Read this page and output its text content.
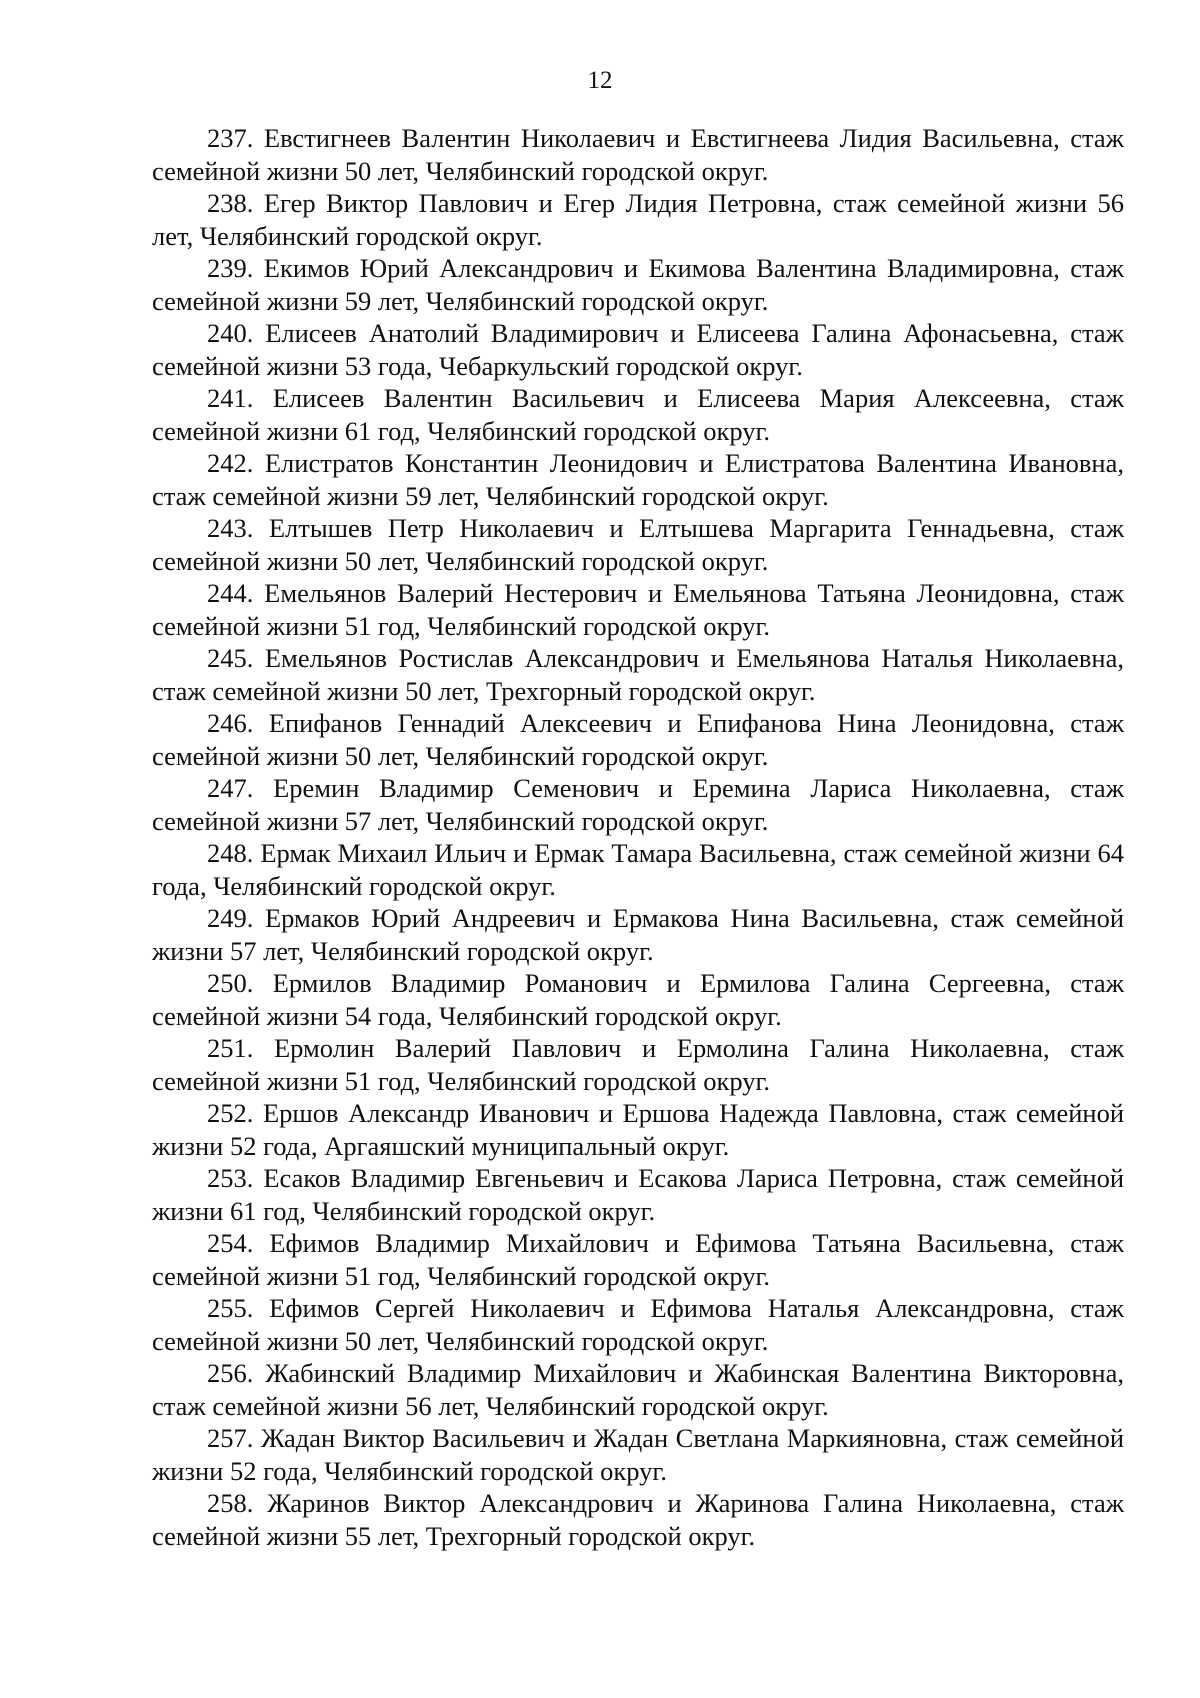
12

237. Евстигнеев Валентин Николаевич и Евстигнеева Лидия Васильевна, стаж семейной жизни 50 лет, Челябинский городской округ.

238. Егер Виктор Павлович и Егер Лидия Петровна, стаж семейной жизни 56 лет, Челябинский городской округ.

239. Екимов Юрий Александрович и Екимова Валентина Владимировна, стаж семейной жизни 59 лет, Челябинский городской округ.

240. Елисеев Анатолий Владимирович и Елисеева Галина Афонасьевна, стаж семейной жизни 53 года, Чебаркульский городской округ.

241. Елисеев Валентин Васильевич и Елисеева Мария Алексеевна, стаж семейной жизни 61 год, Челябинский городской округ.

242. Елистратов Константин Леонидович и Елистратова Валентина Ивановна, стаж семейной жизни 59 лет, Челябинский городской округ.

243. Елтышев Петр Николаевич и Елтышева Маргарита Геннадьевна, стаж семейной жизни 50 лет, Челябинский городской округ.

244. Емельянов Валерий Нестерович и Емельянова Татьяна Леонидовна, стаж семейной жизни 51 год, Челябинский городской округ.

245. Емельянов Ростислав Александрович и Емельянова Наталья Николаевна, стаж семейной жизни 50 лет, Трехгорный городской округ.

246. Епифанов Геннадий Алексеевич и Епифанова Нина Леонидовна, стаж семейной жизни 50 лет, Челябинский городской округ.

247. Еремин Владимир Семенович и Еремина Лариса Николаевна, стаж семейной жизни 57 лет, Челябинский городской округ.

248. Ермак Михаил Ильич и Ермак Тамара Васильевна, стаж семейной жизни 64 года, Челябинский городской округ.

249. Ермаков Юрий Андреевич и Ермакова Нина Васильевна, стаж семейной жизни 57 лет, Челябинский городской округ.

250. Ермилов Владимир Романович и Ермилова Галина Сергеевна, стаж семейной жизни 54 года, Челябинский городской округ.

251. Ермолин Валерий Павлович и Ермолина Галина Николаевна, стаж семейной жизни 51 год, Челябинский городской округ.

252. Ершов Александр Иванович и Ершова Надежда Павловна, стаж семейной жизни 52 года, Аргаяшский муниципальный округ.

253. Есаков Владимир Евгеньевич и Есакова Лариса Петровна, стаж семейной жизни 61 год, Челябинский городской округ.

254. Ефимов Владимир Михайлович и Ефимова Татьяна Васильевна, стаж семейной жизни 51 год, Челябинский городской округ.

255. Ефимов Сергей Николаевич и Ефимова Наталья Александровна, стаж семейной жизни 50 лет, Челябинский городской округ.

256. Жабинский Владимир Михайлович и Жабинская Валентина Викторовна, стаж семейной жизни 56 лет, Челябинский городской округ.

257. Жадан Виктор Васильевич и Жадан Светлана Маркияновна, стаж семейной жизни 52 года, Челябинский городской округ.

258. Жаринов Виктор Александрович и Жаринова Галина Николаевна, стаж семейной жизни 55 лет, Трехгорный городской округ.
